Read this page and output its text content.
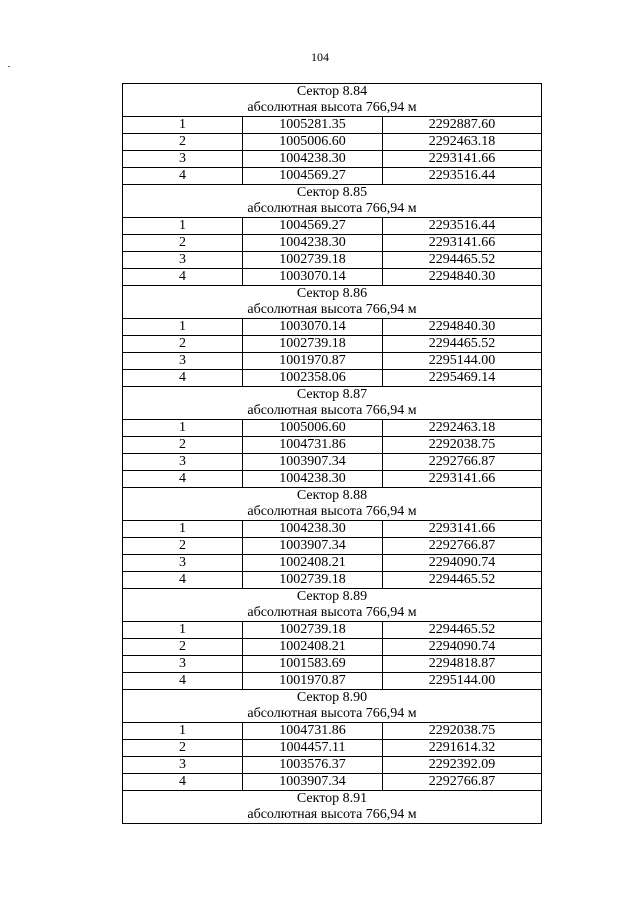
104
Сектор 8.84		
абсолютная высота 766,94 м		
1	1005281.35	2292887.60
2	1005006.60	2292463.18
3	1004238.30	2293141.66
4	1004569.27	2293516.44
Сектор 8.85		
абсолютная высота 766,94 м		
1	1004569.27	2293516.44
2	1004238.30	2293141.66
3	1002739.18	2294465.52
4	1003070.14	2294840.30
Сектор 8.86		
абсолютная высота 766,94 м		
1	1003070.14	2294840.30
2	1002739.18	2294465.52
3	1001970.87	2295144.00
4	1002358.06	2295469.14
Сектор 8.87		
абсолютная высота 766,94 м		
1	1005006.60	2292463.18
2	1004731.86	2292038.75
3	1003907.34	2292766.87
4	1004238.30	2293141.66
Сектор 8.88		
абсолютная высота 766,94 м		
1	1004238.30	2293141.66
2	1003907.34	2292766.87
3	1002408.21	2294090.74
4	1002739.18	2294465.52
Сектор 8.89		
абсолютная высота 766,94 м		
1	1002739.18	2294465.52
2	1002408.21	2294090.74
3	1001583.69	2294818.87
4	1001970.87	2295144.00
Сектор 8.90		
абсолютная высота 766,94 м		
1	1004731.86	2292038.75
2	1004457.11	2291614.32
3	1003576.37	2292392.09
4	1003907.34	2292766.87
Сектор 8.91		
абсолютная высота 766,94 м		
